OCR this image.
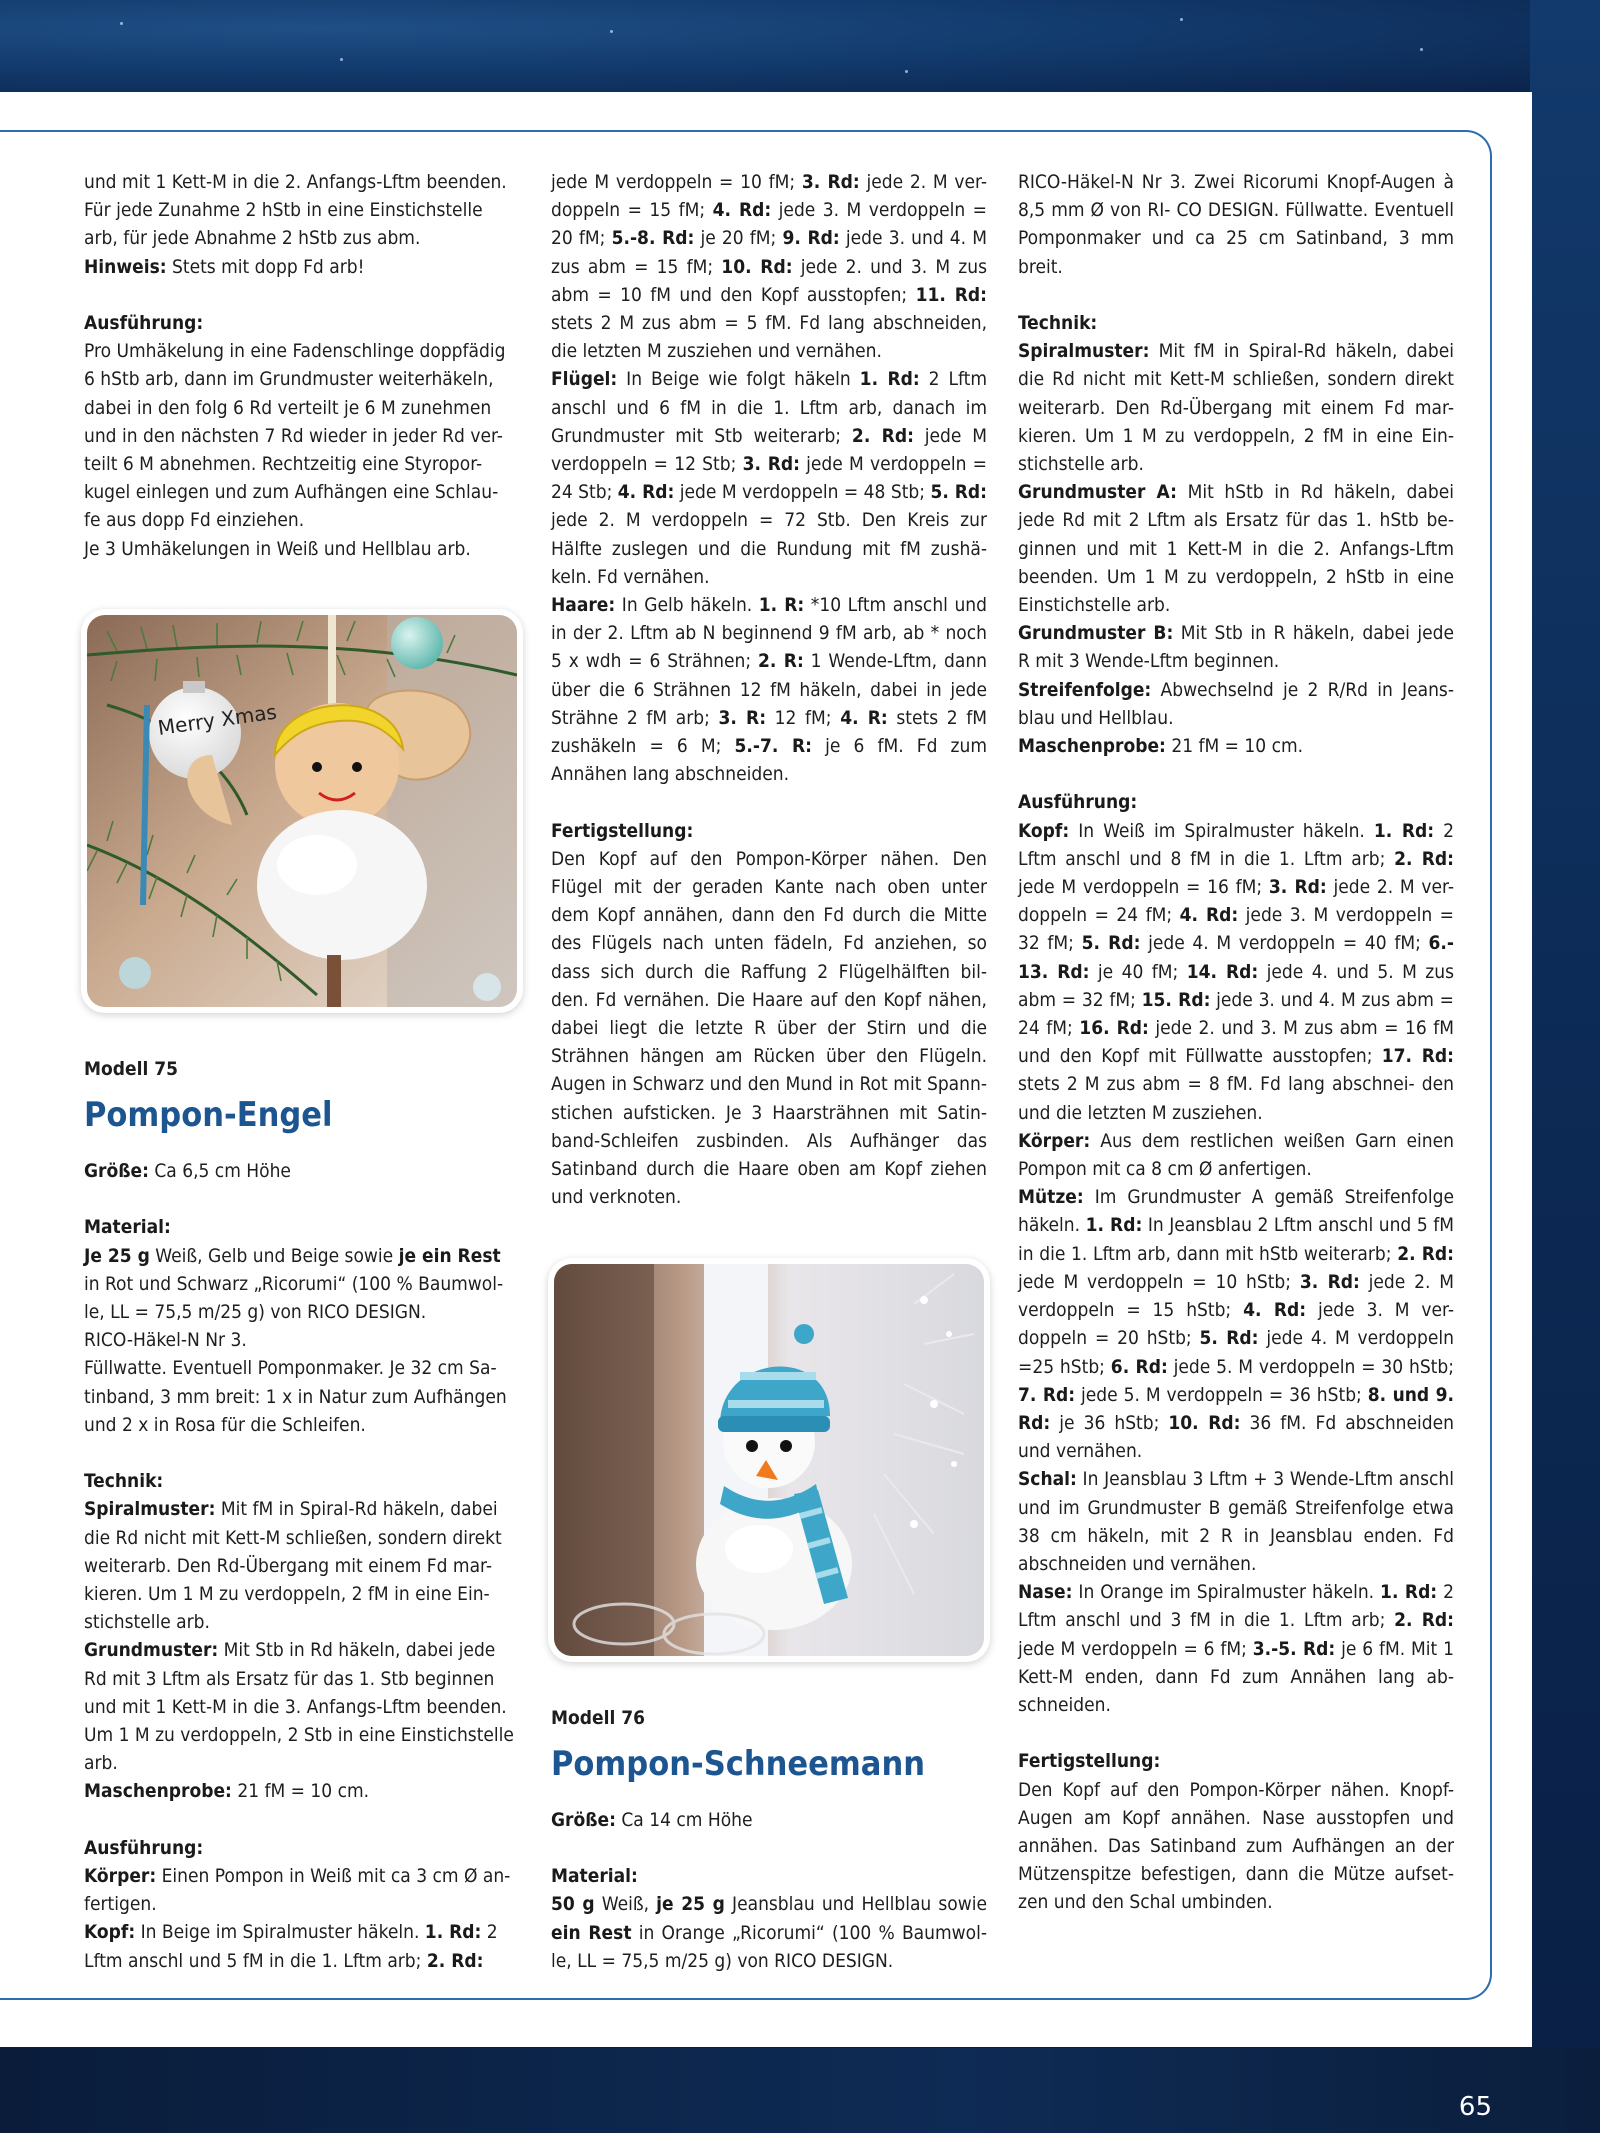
und mit 1 Kett-M in die 2. Anfangs-Lftm beenden.

Für jede Zunahme 2 hStb in eine Einstichstelle

arb, für jede Abnahme 2 hStb zus abm.

Hinweis: Stets mit dopp Fd arb!

Ausführung:

Pro Umhäkelung in eine Fadenschlinge doppfädig

6 hStb arb, dann im Grundmuster weiterhäkeln,

dabei in den folg 6 Rd verteilt je 6 M zunehmen

und in den nächsten 7 Rd wieder in jeder Rd ver-

teilt 6 M abnehmen. Rechtzeitig eine Styropor-

kugel einlegen und zum Aufhängen eine Schlau-

fe aus dopp Fd einziehen.

Je 3 Umhäkelungen in Weiß und Hellblau arb.

Merry Xmas

Modell 75

Pompon-Engel

Größe: Ca 6,5 cm Höhe

Material:

Je 25 g Weiß, Gelb und Beige sowie je ein Rest

in Rot und Schwarz „Ricorumi“ (100 % Baumwol-

le, LL = 75,5 m/25 g) von RICO DESIGN.

RICO-Häkel-N Nr 3.

Füllwatte. Eventuell Pomponmaker. Je 32 cm Sa-

tinband, 3 mm breit: 1 x in Natur zum Aufhängen

und 2 x in Rosa für die Schleifen.

Technik:

Spiralmuster: Mit fM in Spiral-Rd häkeln, dabei

die Rd nicht mit Kett-M schließen, sondern direkt

weiterarb. Den Rd-Übergang mit einem Fd mar-

kieren. Um 1 M zu verdoppeln, 2 fM in eine Ein-

stichstelle arb.

Grundmuster: Mit Stb in Rd häkeln, dabei jede

Rd mit 3 Lftm als Ersatz für das 1. Stb beginnen

und mit 1 Kett-M in die 3. Anfangs-Lftm beenden.

Um 1 M zu verdoppeln, 2 Stb in eine Einstichstelle

arb.

Maschenprobe: 21 fM = 10 cm.

Ausführung:

Körper: Einen Pompon in Weiß mit ca 3 cm Ø an-

fertigen.

Kopf: In Beige im Spiralmuster häkeln. 1. Rd: 2

Lftm anschl und 5 fM in die 1. Lftm arb; 2. Rd:

jede M verdoppeln = 10 fM; 3. Rd: jede 2. M ver- doppeln = 15 fM; 4. Rd: jede 3. M verdoppeln = 20 fM; 5.-8. Rd: je 20 fM; 9. Rd: jede 3. und 4. M zus abm = 15 fM; 10. Rd: jede 2. und 3. M zus abm = 10 fM und den Kopf ausstopfen; 11. Rd: stets 2 M zus abm = 5 fM. Fd lang abschneiden, die letzten M zusziehen und vernähen.

Flügel: In Beige wie folgt häkeln 1. Rd: 2 Lftm anschl und 6 fM in die 1. Lftm arb, danach im Grundmuster mit Stb weiterarb; 2. Rd: jede M verdoppeln = 12 Stb; 3. Rd: jede M verdoppeln = 24 Stb; 4. Rd: jede M verdoppeln = 48 Stb; 5. Rd: jede 2. M verdoppeln = 72 Stb. Den Kreis zur Hälfte zuslegen und die Rundung mit fM zushä- keln. Fd vernähen.

Haare: In Gelb häkeln. 1. R: *10 Lftm anschl und in der 2. Lftm ab N beginnend 9 fM arb, ab * noch 5 x wdh = 6 Strähnen; 2. R: 1 Wende-Lftm, dann über die 6 Strähnen 12 fM häkeln, dabei in jede Strähne 2 fM arb; 3. R: 12 fM; 4. R: stets 2 fM zushäkeln = 6 M; 5.-7. R: je 6 fM. Fd zum Annähen lang abschneiden.

Fertigstellung:

Den Kopf auf den Pompon-Körper nähen. Den Flügel mit der geraden Kante nach oben unter dem Kopf annähen, dann den Fd durch die Mitte des Flügels nach unten fädeln, Fd anziehen, so dass sich durch die Raffung 2 Flügelhälften bil- den. Fd vernähen. Die Haare auf den Kopf nähen, dabei liegt die letzte R über der Stirn und die Strähnen hängen am Rücken über den Flügeln. Augen in Schwarz und den Mund in Rot mit Spann- stichen aufsticken. Je 3 Haarsträhnen mit Satin- band-Schleifen zusbinden. Als Aufhänger das Satinband durch die Haare oben am Kopf ziehen und verknoten.

Modell 76

Pompon-Schneemann

Größe: Ca 14 cm Höhe

Material:

50 g Weiß, je 25 g Jeansblau und Hellblau sowie ein Rest in Orange „Ricorumi“ (100 % Baumwol- le, LL = 75,5 m/25 g) von RICO DESIGN.

RICO-Häkel-N Nr 3. Zwei Ricorumi Knopf-Augen à 8,5 mm Ø von RI- CO DESIGN. Füllwatte. Eventuell Pomponmaker und ca 25 cm Satinband, 3 mm breit.

Technik:

Spiralmuster: Mit fM in Spiral-Rd häkeln, dabei die Rd nicht mit Kett-M schließen, sondern direkt weiterarb. Den Rd-Übergang mit einem Fd mar- kieren. Um 1 M zu verdoppeln, 2 fM in eine Ein- stichstelle arb.

Grundmuster A: Mit hStb in Rd häkeln, dabei jede Rd mit 2 Lftm als Ersatz für das 1. hStb be- ginnen und mit 1 Kett-M in die 2. Anfangs-Lftm beenden. Um 1 M zu verdoppeln, 2 hStb in eine Einstichstelle arb.

Grundmuster B: Mit Stb in R häkeln, dabei jede R mit 3 Wende-Lftm beginnen.

Streifenfolge: Abwechselnd je 2 R/Rd in Jeans- blau und Hellblau.

Maschenprobe: 21 fM = 10 cm.

Ausführung:

Kopf: In Weiß im Spiralmuster häkeln. 1. Rd: 2 Lftm anschl und 8 fM in die 1. Lftm arb; 2. Rd: jede M verdoppeln = 16 fM; 3. Rd: jede 2. M ver- doppeln = 24 fM; 4. Rd: jede 3. M verdoppeln = 32 fM; 5. Rd: jede 4. M verdoppeln = 40 fM; 6.- 13. Rd: je 40 fM; 14. Rd: jede 4. und 5. M zus abm = 32 fM; 15. Rd: jede 3. und 4. M zus abm = 24 fM; 16. Rd: jede 2. und 3. M zus abm = 16 fM und den Kopf mit Füllwatte ausstopfen; 17. Rd: stets 2 M zus abm = 8 fM. Fd lang abschnei- den und die letzten M zusziehen.

Körper: Aus dem restlichen weißen Garn einen Pompon mit ca 8 cm Ø anfertigen.

Mütze: Im Grundmuster A gemäß Streifenfolge häkeln. 1. Rd: In Jeansblau 2 Lftm anschl und 5 fM in die 1. Lftm arb, dann mit hStb weiterarb; 2. Rd: jede M verdoppeln = 10 hStb; 3. Rd: jede 2. M verdoppeln = 15 hStb; 4. Rd: jede 3. M ver- doppeln = 20 hStb; 5. Rd: jede 4. M verdoppeln =25 hStb; 6. Rd: jede 5. M verdoppeln = 30 hStb; 7. Rd: jede 5. M verdoppeln = 36 hStb; 8. und 9. Rd: je 36 hStb; 10. Rd: 36 fM. Fd abschneiden und vernähen.

Schal: In Jeansblau 3 Lftm + 3 Wende-Lftm anschl und im Grundmuster B gemäß Streifenfolge etwa 38 cm häkeln, mit 2 R in Jeansblau enden. Fd abschneiden und vernähen.

Nase: In Orange im Spiralmuster häkeln. 1. Rd: 2 Lftm anschl und 3 fM in die 1. Lftm arb; 2. Rd: jede M verdoppeln = 6 fM; 3.-5. Rd: je 6 fM. Mit 1 Kett-M enden, dann Fd zum Annähen lang ab- schneiden.

Fertigstellung:

Den Kopf auf den Pompon-Körper nähen. Knopf- Augen am Kopf annähen. Nase ausstopfen und annähen. Das Satinband zum Aufhängen an der Mützenspitze befestigen, dann die Mütze aufset- zen und den Schal umbinden.

65
